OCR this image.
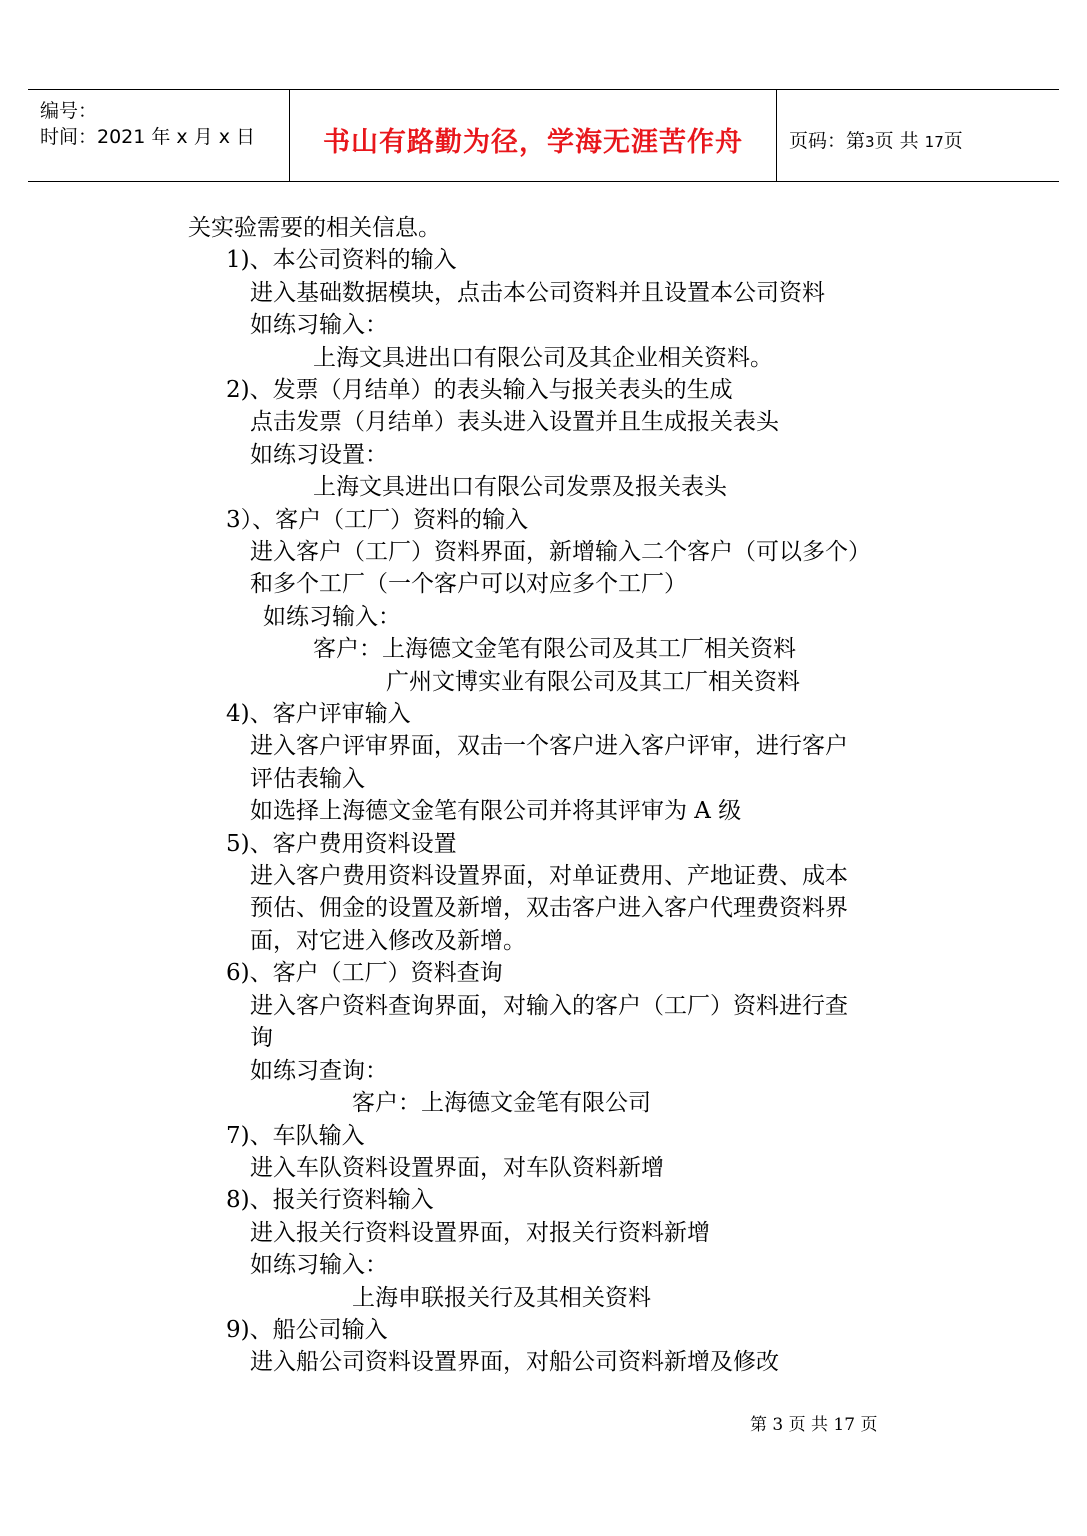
编号：
时间：2021 年 x 月 x 日	书山有路勤为径，学海无涯苦作舟	页码：第3页 共 17页
关实验需要的相关信息。
1)、本公司资料的输入
进入基础数据模块，点击本公司资料并且设置本公司资料
如练习输入：
上海文具进出口有限公司及其企业相关资料。
2)、发票（月结单）的表头输入与报关表头的生成
点击发票（月结单）表头进入设置并且生成报关表头
如练习设置：
上海文具进出口有限公司发票及报关表头
3）、客户（工厂）资料的输入
进入客户（工厂）资料界面，新增输入二个客户（可以多个）
和多个工厂（一个客户可以对应多个工厂）
如练习输入：
客户：上海德文金笔有限公司及其工厂相关资料
广州文博实业有限公司及其工厂相关资料
4)、客户评审输入
进入客户评审界面，双击一个客户进入客户评审，进行客户
评估表输入
如选择上海德文金笔有限公司并将其评审为 A 级
5)、客户费用资料设置
进入客户费用资料设置界面，对单证费用、产地证费、成本
预估、佣金的设置及新增，双击客户进入客户代理费资料界
面，对它进入修改及新增。
6)、客户（工厂）资料查询
进入客户资料查询界面，对输入的客户（工厂）资料进行查
询
如练习查询：
客户：上海德文金笔有限公司
7)、车队输入
进入车队资料设置界面，对车队资料新增
8)、报关行资料输入
进入报关行资料设置界面，对报关行资料新增
如练习输入：
上海申联报关行及其相关资料
9)、船公司输入
进入船公司资料设置界面，对船公司资料新增及修改
第 3 页 共 17 页
